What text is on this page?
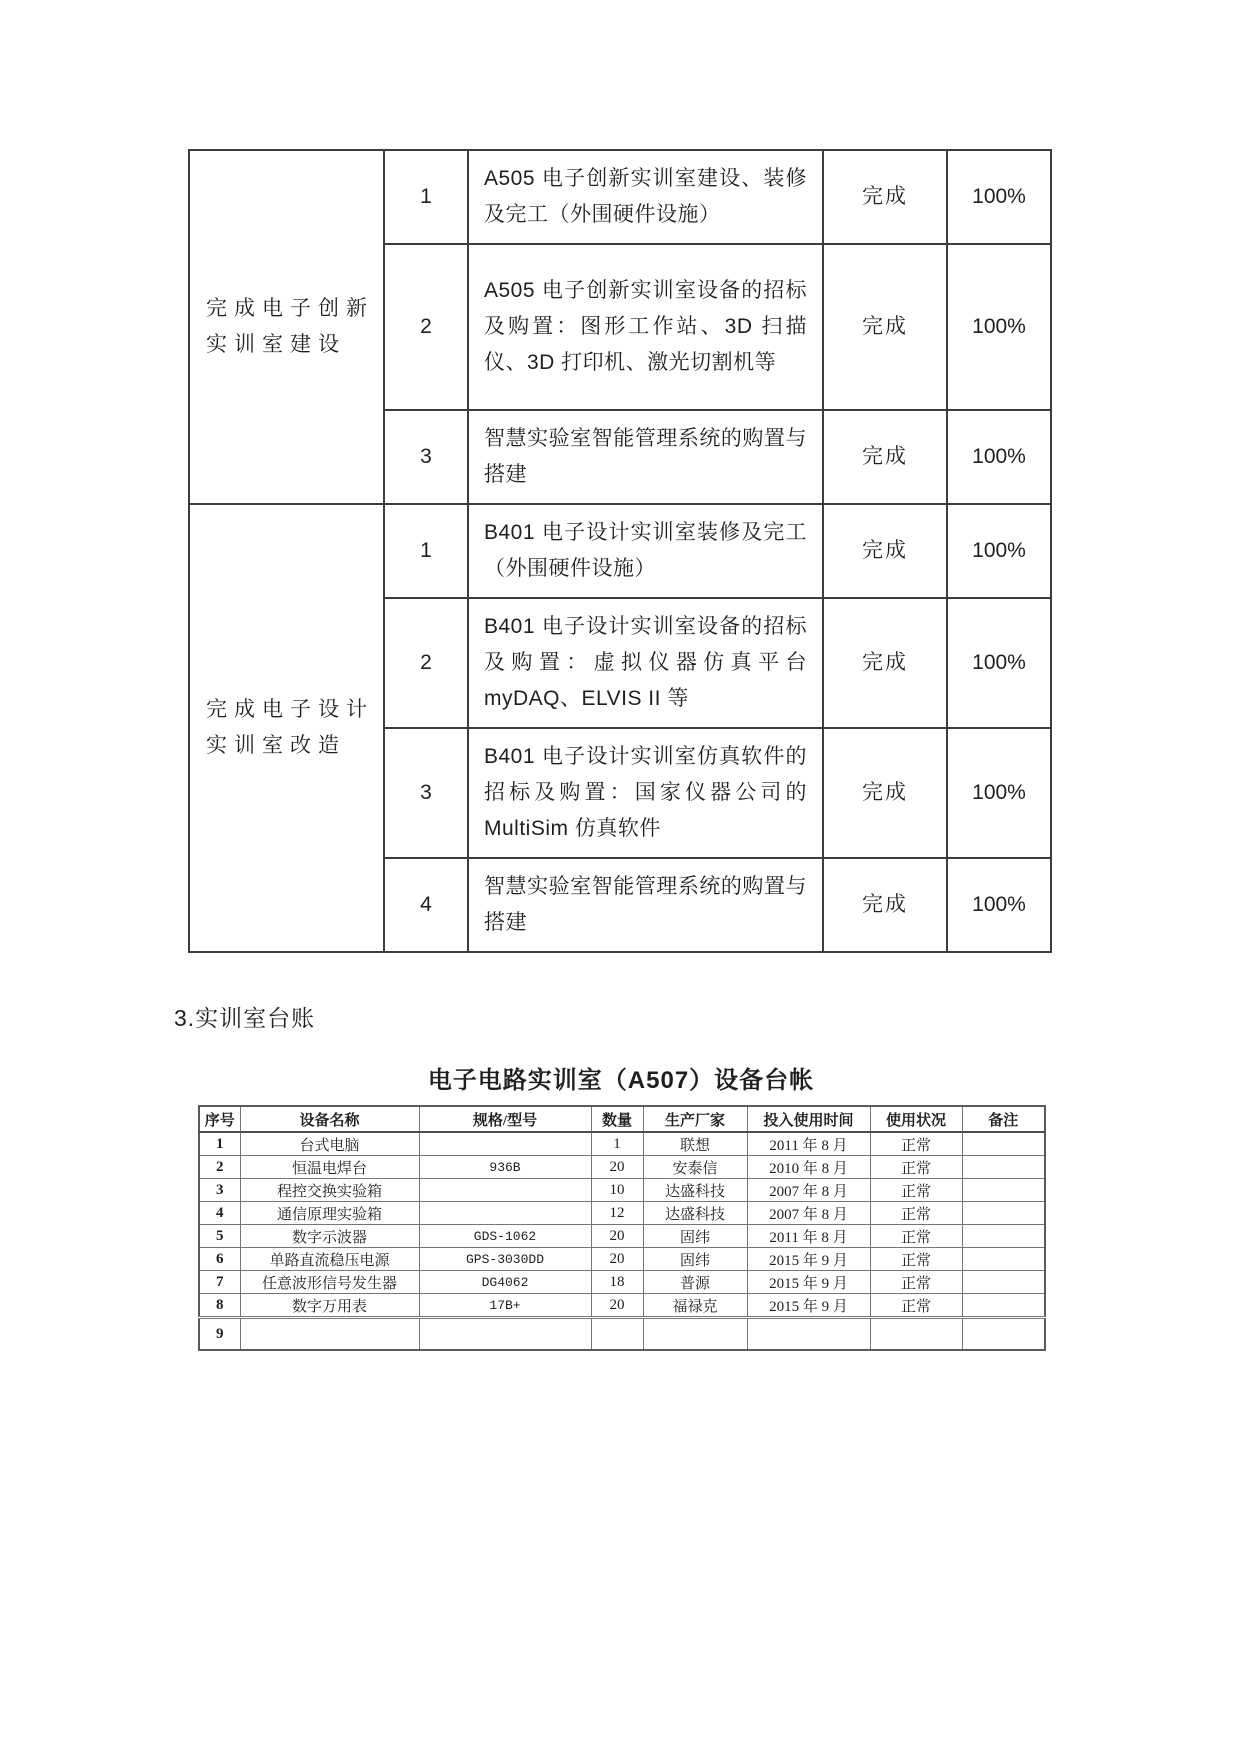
完成电子创新实训室建设	1	A505 电子创新实训室建设、装修及完工（外围硬件设施）	完成	100%
	2	A505 电子创新实训室设备的招标及购置：图形工作站、3D 扫描仪、3D 打印机、激光切割机等	完成	100%
	3	智慧实验室智能管理系统的购置与搭建	完成	100%
完成电子设计实训室改造	1	B401 电子设计实训室装修及完工（外围硬件设施）	完成	100%
	2	B401 电子设计实训室设备的招标及购置：虚拟仪器仿真平台 myDAQ、ELVIS II 等	完成	100%
	3	B401 电子设计实训室仿真软件的招标及购置：国家仪器公司的 MultiSim 仿真软件	完成	100%
	4	智慧实验室智能管理系统的购置与搭建	完成	100%
3.实训室台账
电子电路实训室（A507）设备台帐
序号	设备名称	规格/型号	数量	生产厂家	投入使用时间	使用状况	备注
1	台式电脑		1	联想	2011 年 8 月	正常	
2	恒温电焊台	936B	20	安泰信	2010 年 8 月	正常	
3	程控交换实验箱		10	达盛科技	2007 年 8 月	正常	
4	通信原理实验箱		12	达盛科技	2007 年 8 月	正常	
5	数字示波器	GDS-1062	20	固纬	2011 年 8 月	正常	
6	单路直流稳压电源	GPS-3030DD	20	固纬	2015 年 9 月	正常	
7	任意波形信号发生器	DG4062	18	普源	2015 年 9 月	正常	
8	数字万用表	17B+	20	福禄克	2015 年 9 月	正常	
9							
